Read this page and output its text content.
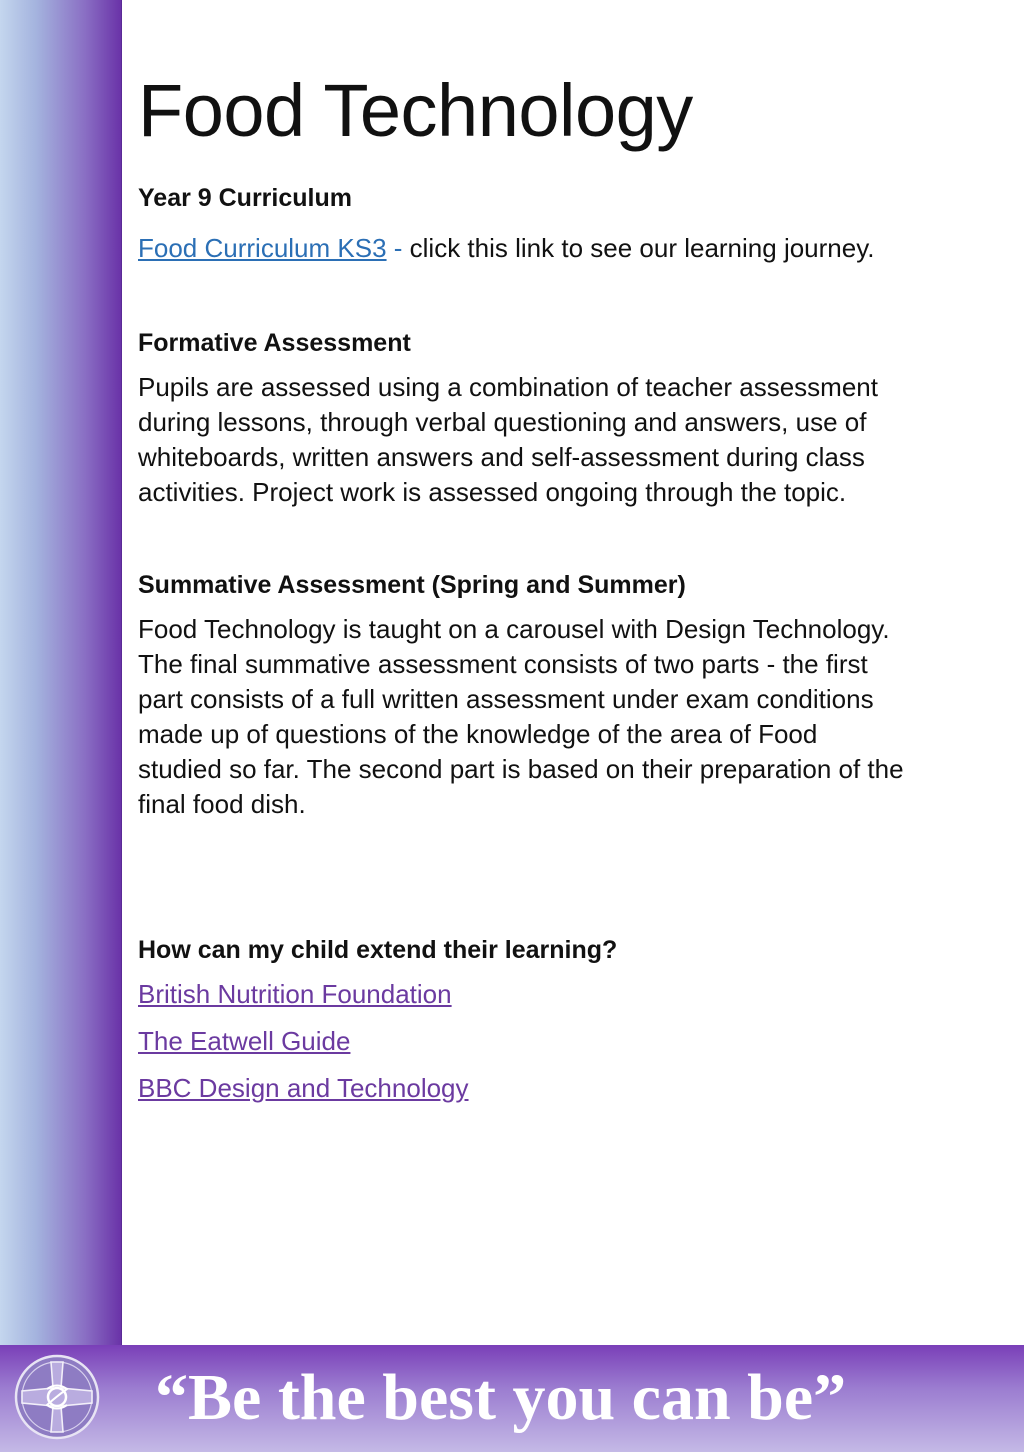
Food Technology

Year 9 Curriculum

Food Curriculum KS3 - click this link to see our learning journey.

Formative Assessment

Pupils are assessed using a combination of teacher assessment
during lessons, through verbal questioning and answers, use of
whiteboards, written answers and self-assessment during class
activities. Project work is assessed ongoing through the topic.

Summative Assessment (Spring and Summer)

Food Technology is taught on a carousel with Design Technology.
The final summative assessment consists of two parts - the first
part consists of a full written assessment under exam conditions
made up of questions of the knowledge of the area of Food
studied so far. The second part is based on their preparation of the
final food dish.

How can my child extend their learning?

British Nutrition Foundation
The Eatwell Guide
BBC Design and Technology
“Be the best you can be”
